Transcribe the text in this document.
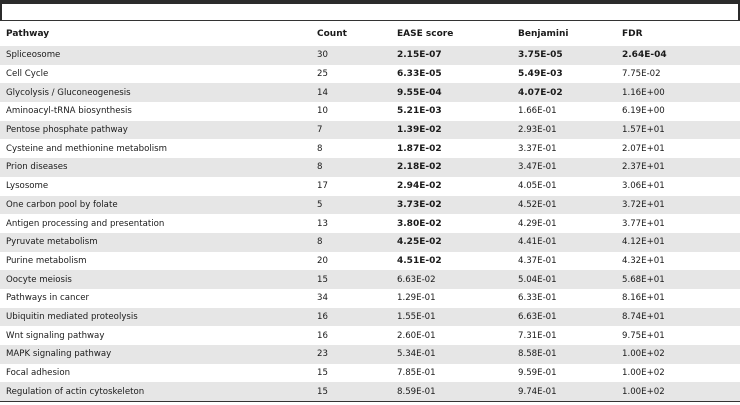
Pathway	Count	EASE score	Benjamini	FDR
Spliceosome	30	2.15E-07	3.75E-05	2.64E-04
Cell Cycle	25	6.33E-05	5.49E-03	7.75E-02
Glycolysis / Gluconeogenesis	14	9.55E-04	4.07E-02	1.16E+00
Aminoacyl-tRNA biosynthesis	10	5.21E-03	1.66E-01	6.19E+00
Pentose phosphate pathway	7	1.39E-02	2.93E-01	1.57E+01
Cysteine and methionine metabolism	8	1.87E-02	3.37E-01	2.07E+01
Prion diseases	8	2.18E-02	3.47E-01	2.37E+01
Lysosome	17	2.94E-02	4.05E-01	3.06E+01
One carbon pool by folate	5	3.73E-02	4.52E-01	3.72E+01
Antigen processing and presentation	13	3.80E-02	4.29E-01	3.77E+01
Pyruvate metabolism	8	4.25E-02	4.41E-01	4.12E+01
Purine metabolism	20	4.51E-02	4.37E-01	4.32E+01
Oocyte meiosis	15	6.63E-02	5.04E-01	5.68E+01
Pathways in cancer	34	1.29E-01	6.33E-01	8.16E+01
Ubiquitin mediated proteolysis	16	1.55E-01	6.63E-01	8.74E+01
Wnt signaling pathway	16	2.60E-01	7.31E-01	9.75E+01
MAPK signaling pathway	23	5.34E-01	8.58E-01	1.00E+02
Focal adhesion	15	7.85E-01	9.59E-01	1.00E+02
Regulation of actin cytoskeleton	15	8.59E-01	9.74E-01	1.00E+02
